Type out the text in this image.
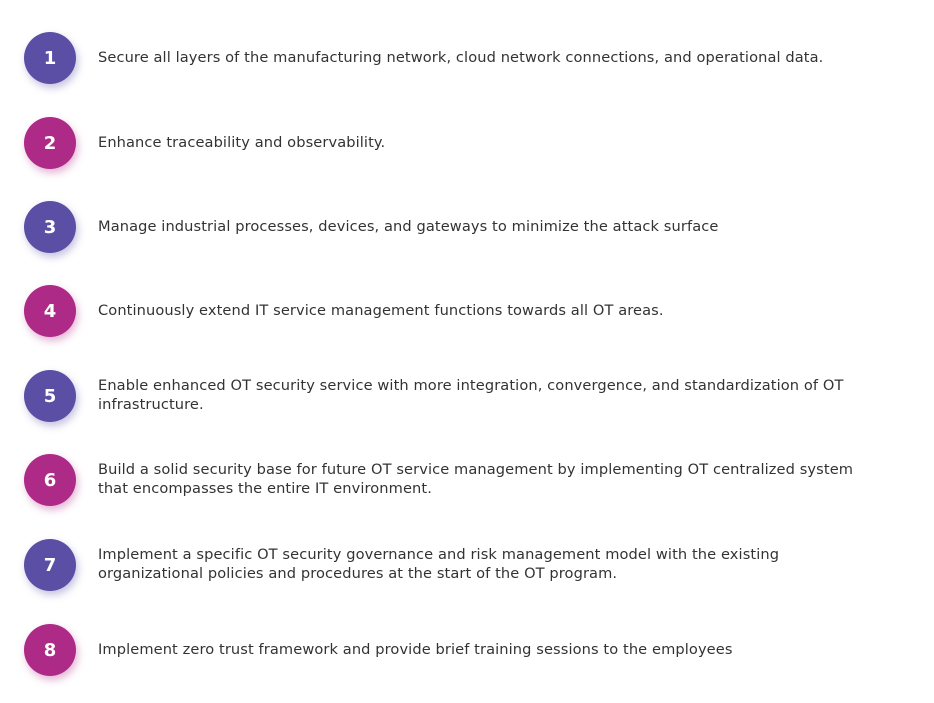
1	Secure all layers of the manufacturing network, cloud network connections, and operational data.
2	Enhance traceability and observability.
3	Manage industrial processes, devices, and gateways to minimize the attack surface
4	Continuously extend IT service management functions towards all OT areas.
5	Enable enhanced OT security service with more integration, convergence, and standardization of OT
infrastructure.
6	Build a solid security base for future OT service management by implementing OT centralized system
that encompasses the entire IT environment.
7	Implement a specific OT security governance and risk management model with the existing
organizational policies and procedures at the start of the OT program.
8	Implement zero trust framework and provide brief training sessions to the employees
